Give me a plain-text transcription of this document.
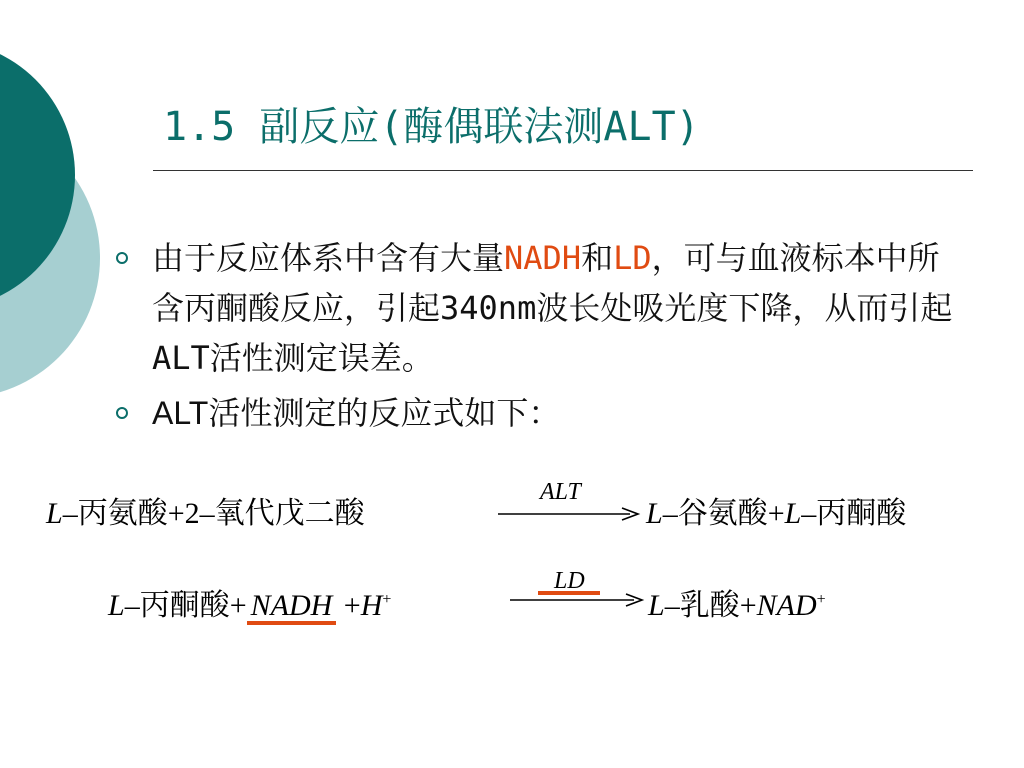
1.5 副反应(酶偶联法测ALT)
由于反应体系中含有大量NADH和LD，可与血液标本中所含丙酮酸反应，引起340nm波长处吸光度下降，从而引起ALT活性测定误差。
ALT活性测定的反应式如下：
L–丙氨酸+2–氧代戊二酸
ALT
L–谷氨酸+L–丙酮酸
L–丙酮酸+ NADH +H+
LD
L–乳酸+NAD+
